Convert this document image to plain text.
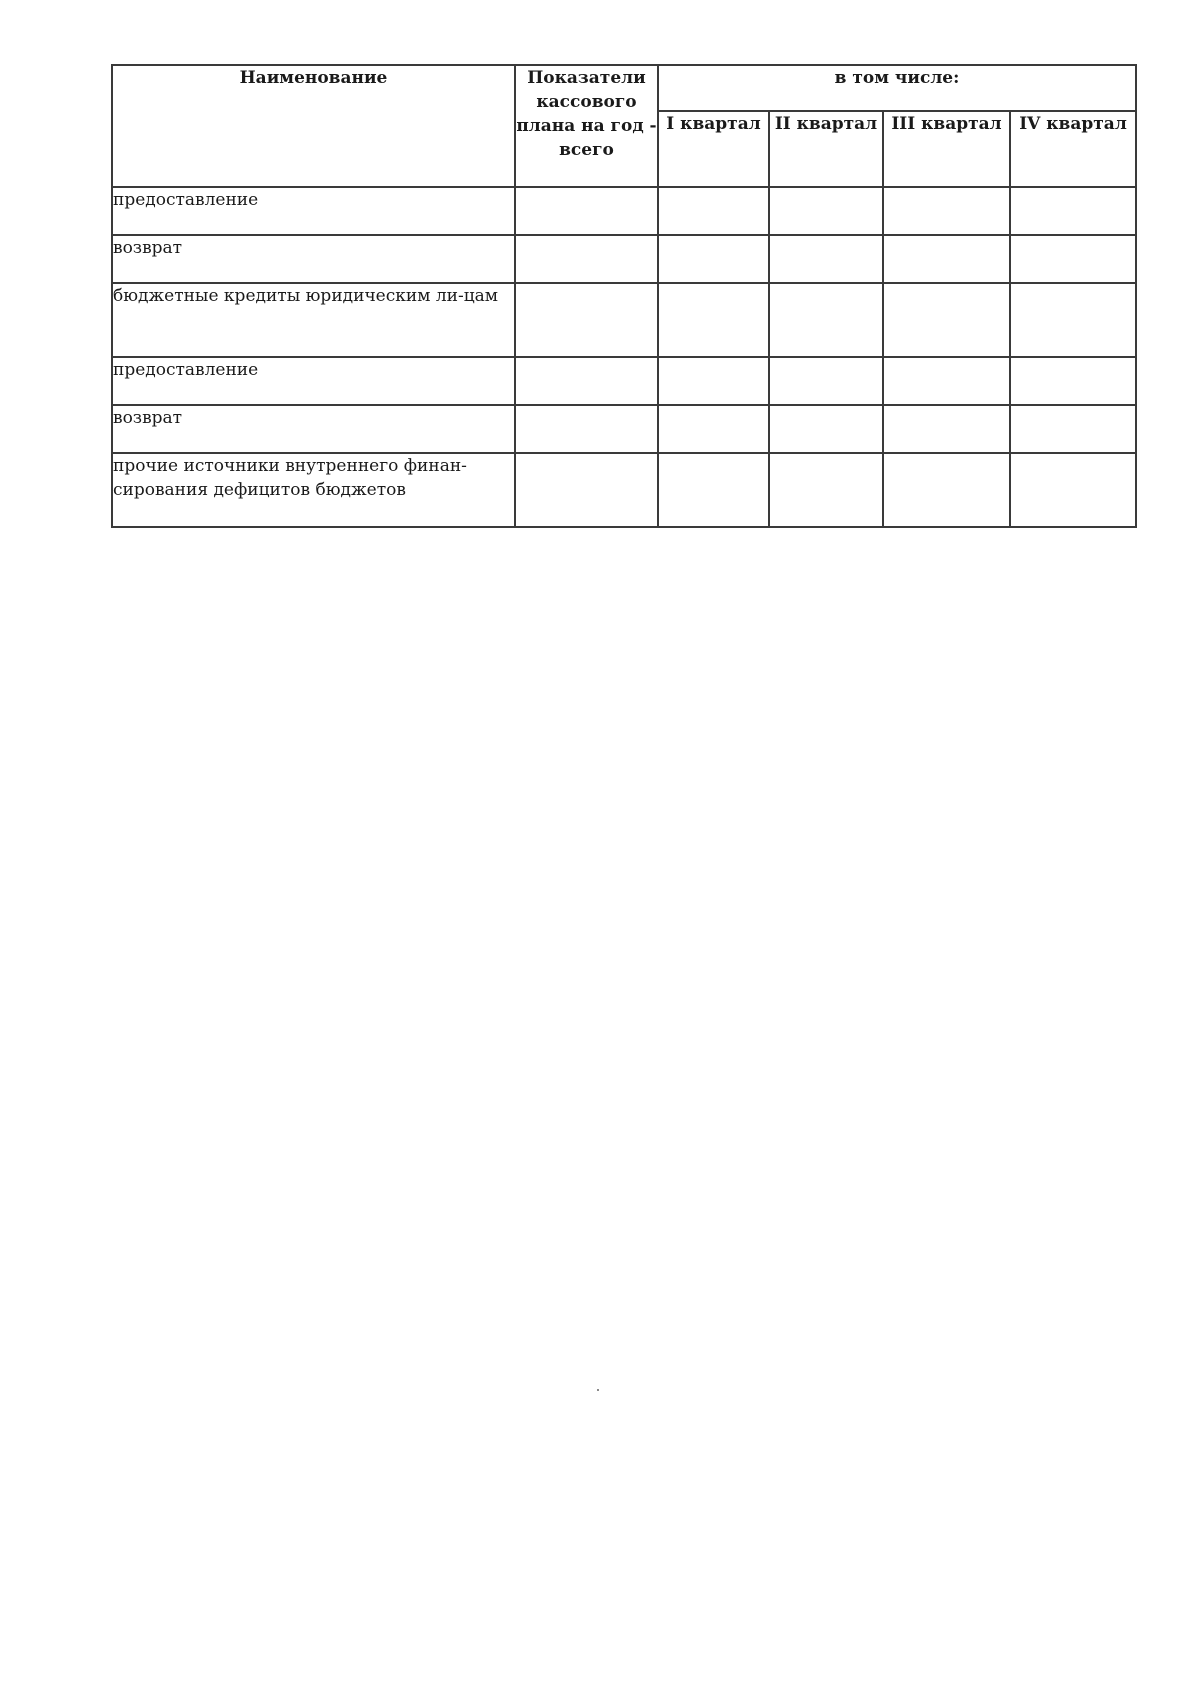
Наименование	Показатели кассового плана на год - всего	в том числе:			
		I квартал	II квартал	III квартал	IV квартал
предоставление					
возврат					
бюджетные кредиты юридическим ли-цам					
предоставление					
возврат					
прочие источники внутреннего финан-сирования дефицитов бюджетов					
